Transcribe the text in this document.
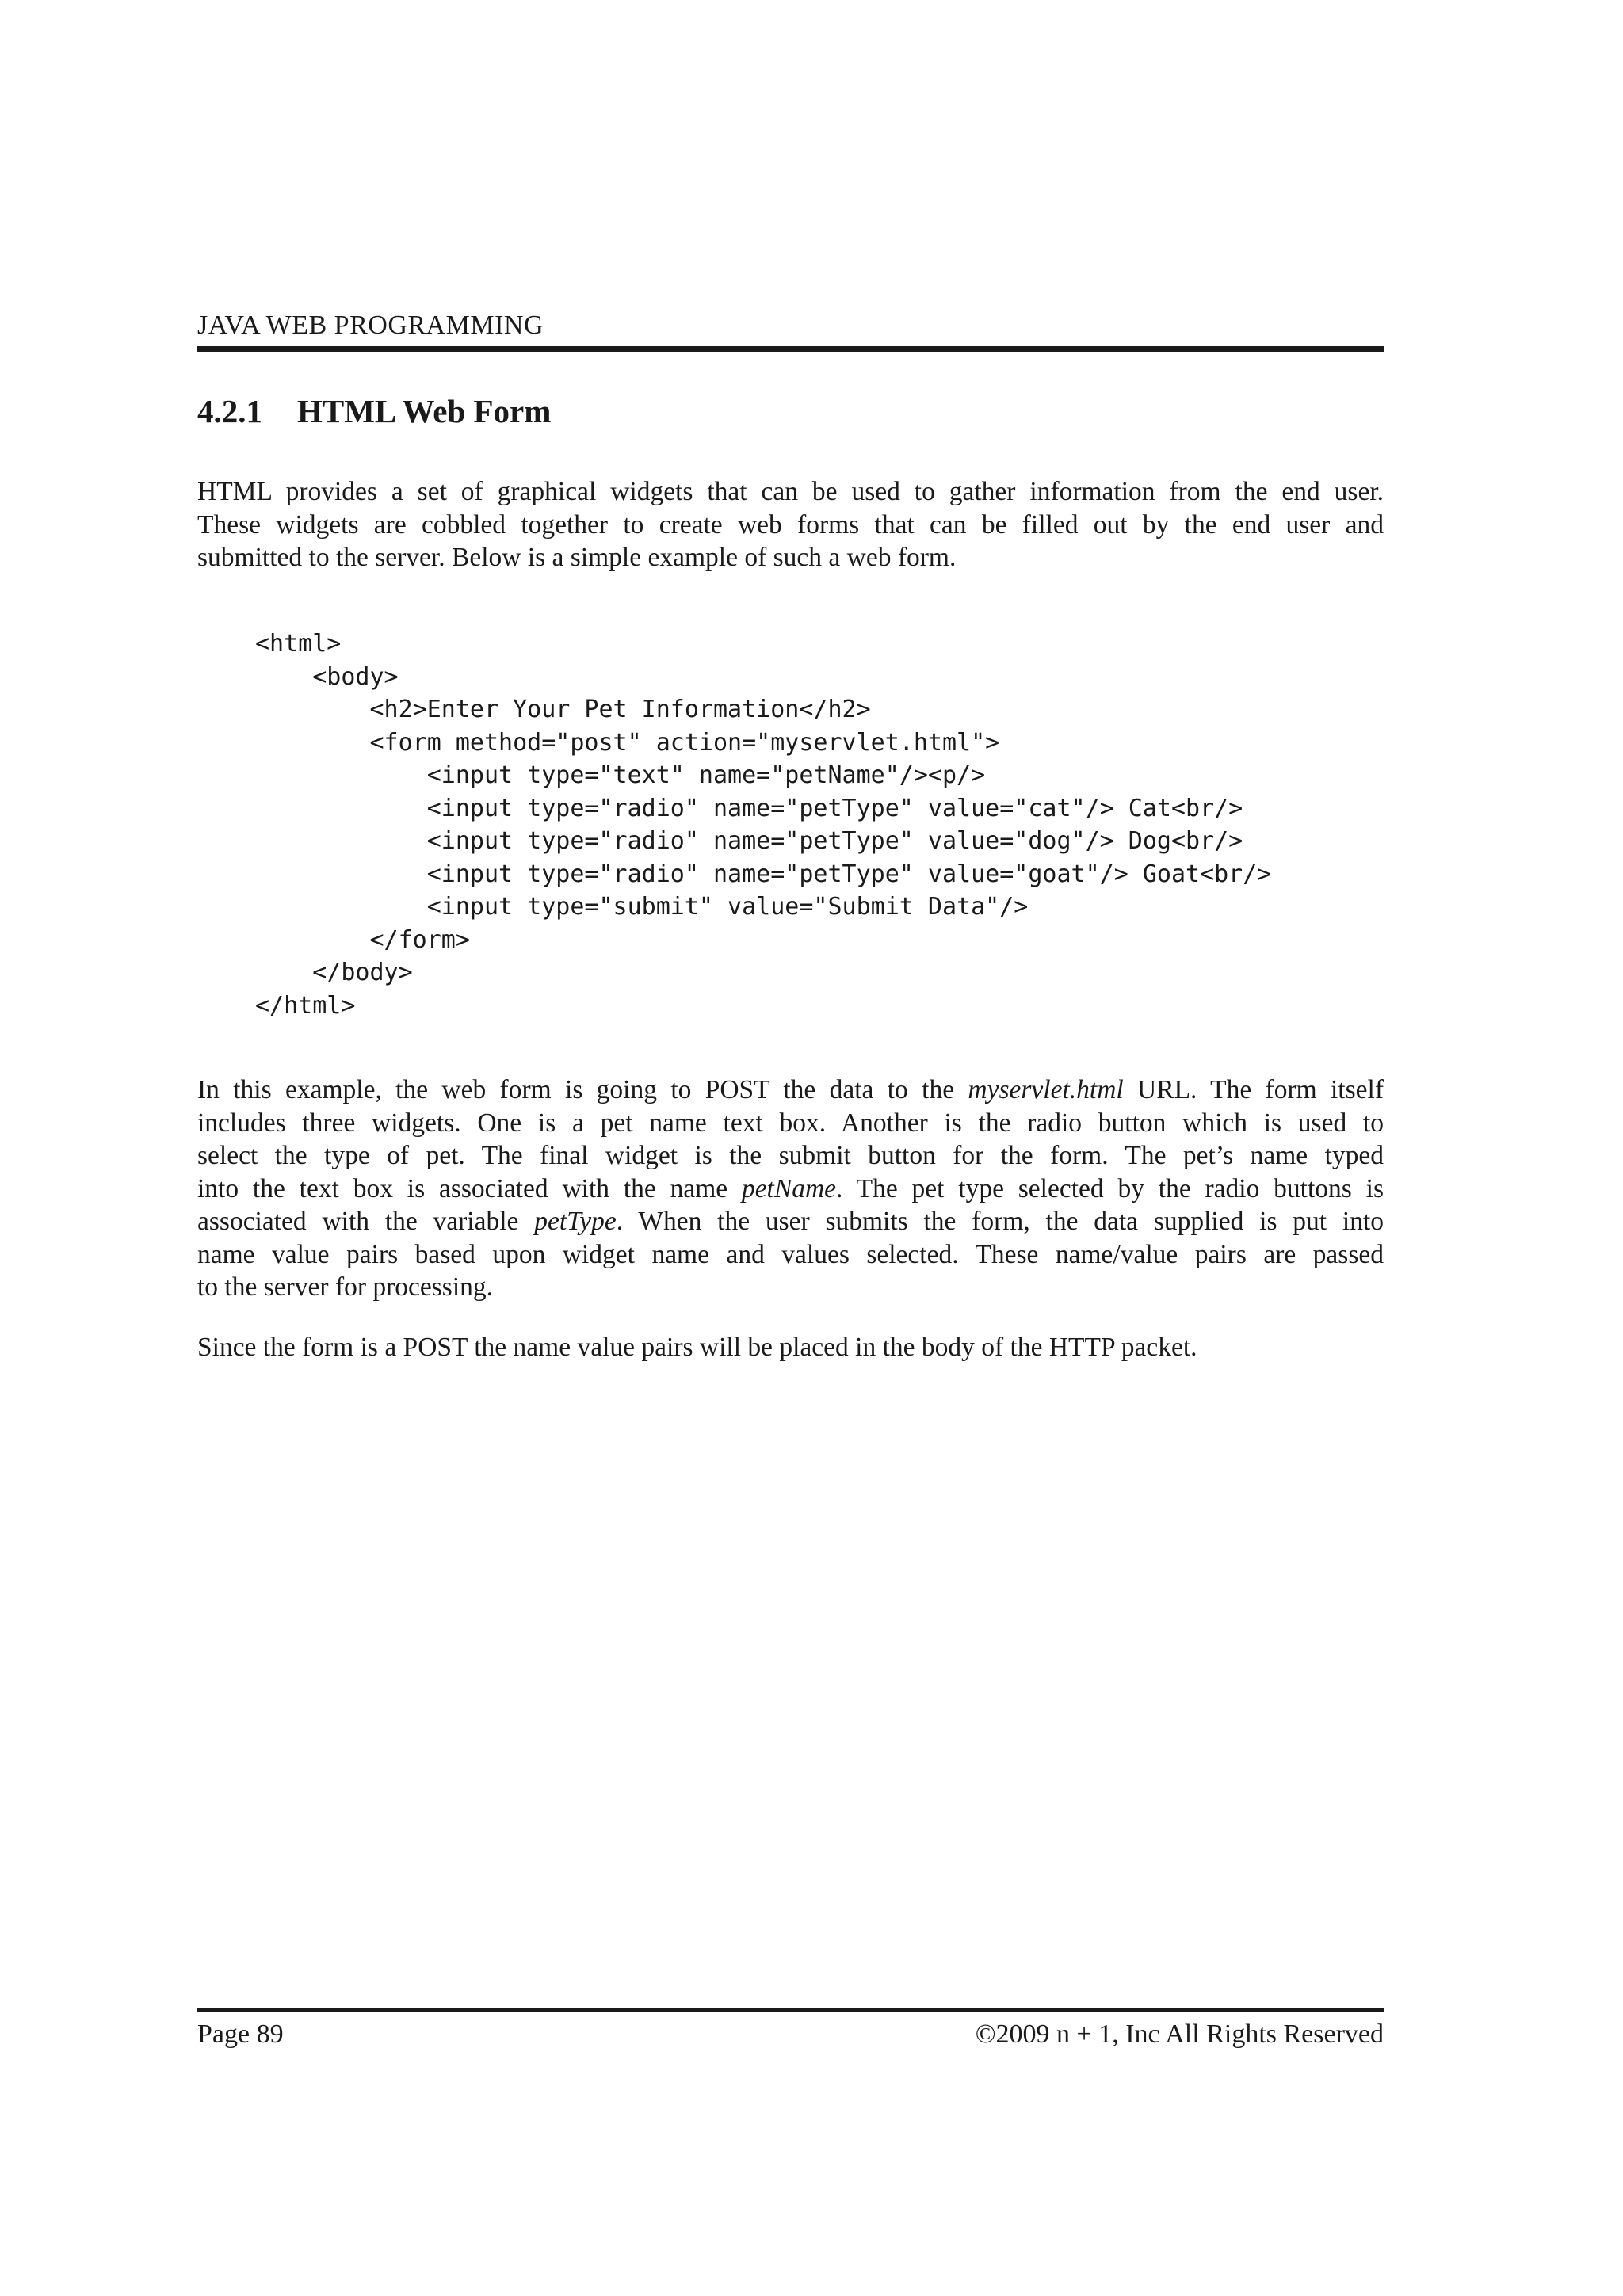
JAVA WEB PROGRAMMING
4.2.1 HTML Web Form
HTML provides a set of graphical widgets that can be used to gather information from the end user.
These widgets are cobbled together to create web forms that can be filled out by the end user and
submitted to the server. Below is a simple example of such a web form.
<html>
<body>
<h2>Enter Your Pet Information</h2>
<form method="post" action="myservlet.html">
<input type="text" name="petName"/><p/>
<input type="radio" name="petType" value="cat"/> Cat<br/>
<input type="radio" name="petType" value="dog"/> Dog<br/>
<input type="radio" name="petType" value="goat"/> Goat<br/>
<input type="submit" value="Submit Data"/>
</form>
</body>
</html>
In this example, the web form is going to POST the data to the myservlet.html URL. The form itself
includes three widgets. One is a pet name text box. Another is the radio button which is used to
select the type of pet. The final widget is the submit button for the form. The pet’s name typed
into the text box is associated with the name petName. The pet type selected by the radio buttons is
associated with the variable petType. When the user submits the form, the data supplied is put into
name value pairs based upon widget name and values selected. These name/value pairs are passed
to the server for processing.
Since the form is a POST the name value pairs will be placed in the body of the HTTP packet.
Page 89	©2009 n + 1, Inc All Rights Reserved
